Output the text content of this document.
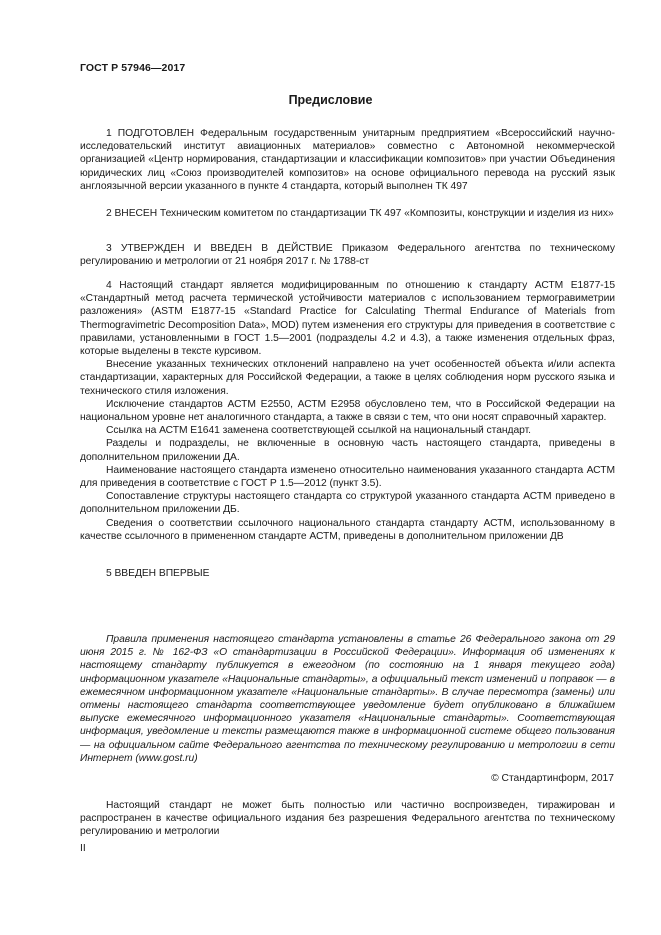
ГОСТ Р 57946—2017
Предисловие

1 ПОДГОТОВЛЕН Федеральным государственным унитарным предприятием «Всероссийский научно-исследовательский институт авиационных материалов» совместно с Автономной некоммерческой организацией «Центр нормирования, стандартизации и классификации композитов» при участии Объединения юридических лиц «Союз производителей композитов» на основе официального перевода на русский язык англоязычной версии указанного в пункте 4 стандарта, который выполнен ТК 497

2 ВНЕСЕН Техническим комитетом по стандартизации ТК 497 «Композиты, конструкции и изделия из них»

3 УТВЕРЖДЕН И ВВЕДЕН В ДЕЙСТВИЕ Приказом Федерального агентства по техническому регулированию и метрологии от 21 ноября 2017 г. № 1788-ст

4 Настоящий стандарт является модифицированным по отношению к стандарту АСТМ Е1877-15 «Стандартный метод расчета термической устойчивости материалов с использованием термогравиметрии разложения» (ASTM E1877-15 «Standard Practice for Calculating Thermal Endurance of Materials from Thermogravimetric Decomposition Data», MOD) путем изменения его структуры для приведения в соответствие с правилами, установленными в ГОСТ 1.5—2001 (подразделы 4.2 и 4.3), а также изменения отдельных фраз, которые выделены в тексте курсивом.

Внесение указанных технических отклонений направлено на учет особенностей объекта и/или аспекта стандартизации, характерных для Российской Федерации, а также в целях соблюдения норм русского языка и технического стиля изложения.

Исключение стандартов АСТМ Е2550, АСТМ Е2958 обусловлено тем, что в Российской Федерации на национальном уровне нет аналогичного стандарта, а также в связи с тем, что они носят справочный характер.

Ссылка на АСТМ Е1641 заменена соответствующей ссылкой на национальный стандарт.

Разделы и подразделы, не включенные в основную часть настоящего стандарта, приведены в дополнительном приложении ДА.

Наименование настоящего стандарта изменено относительно наименования указанного стандарта АСТМ для приведения в соответствие с ГОСТ Р 1.5—2012 (пункт 3.5).

Сопоставление структуры настоящего стандарта со структурой указанного стандарта АСТМ приведено в дополнительном приложении ДБ.

Сведения о соответствии ссылочного национального стандарта стандарту АСТМ, использованному в качестве ссылочного в примененном стандарте АСТМ, приведены в дополнительном приложении ДВ

5 ВВЕДЕН ВПЕРВЫЕ

Правила применения настоящего стандарта установлены в статье 26 Федерального закона от 29 июня 2015 г. № 162-ФЗ «О стандартизации в Российской Федерации». Информация об изменениях к настоящему стандарту публикуется в ежегодном (по состоянию на 1 января текущего года) информационном указателе «Национальные стандарты», а официальный текст изменений и поправок — в ежемесячном информационном указателе «Национальные стандарты». В случае пересмотра (замены) или отмены настоящего стандарта соответствующее уведомление будет опубликовано в ближайшем выпуске ежемесячного информационного указателя «Национальные стандарты». Соответствующая информация, уведомление и тексты размещаются также в информационной системе общего пользования — на официальном сайте Федерального агентства по техническому регулированию и метрологии в сети Интернет (www.gost.ru)

© Стандартинформ, 2017

Настоящий стандарт не может быть полностью или частично воспроизведен, тиражирован и распространен в качестве официального издания без разрешения Федерального агентства по техническому регулированию и метрологии

II
